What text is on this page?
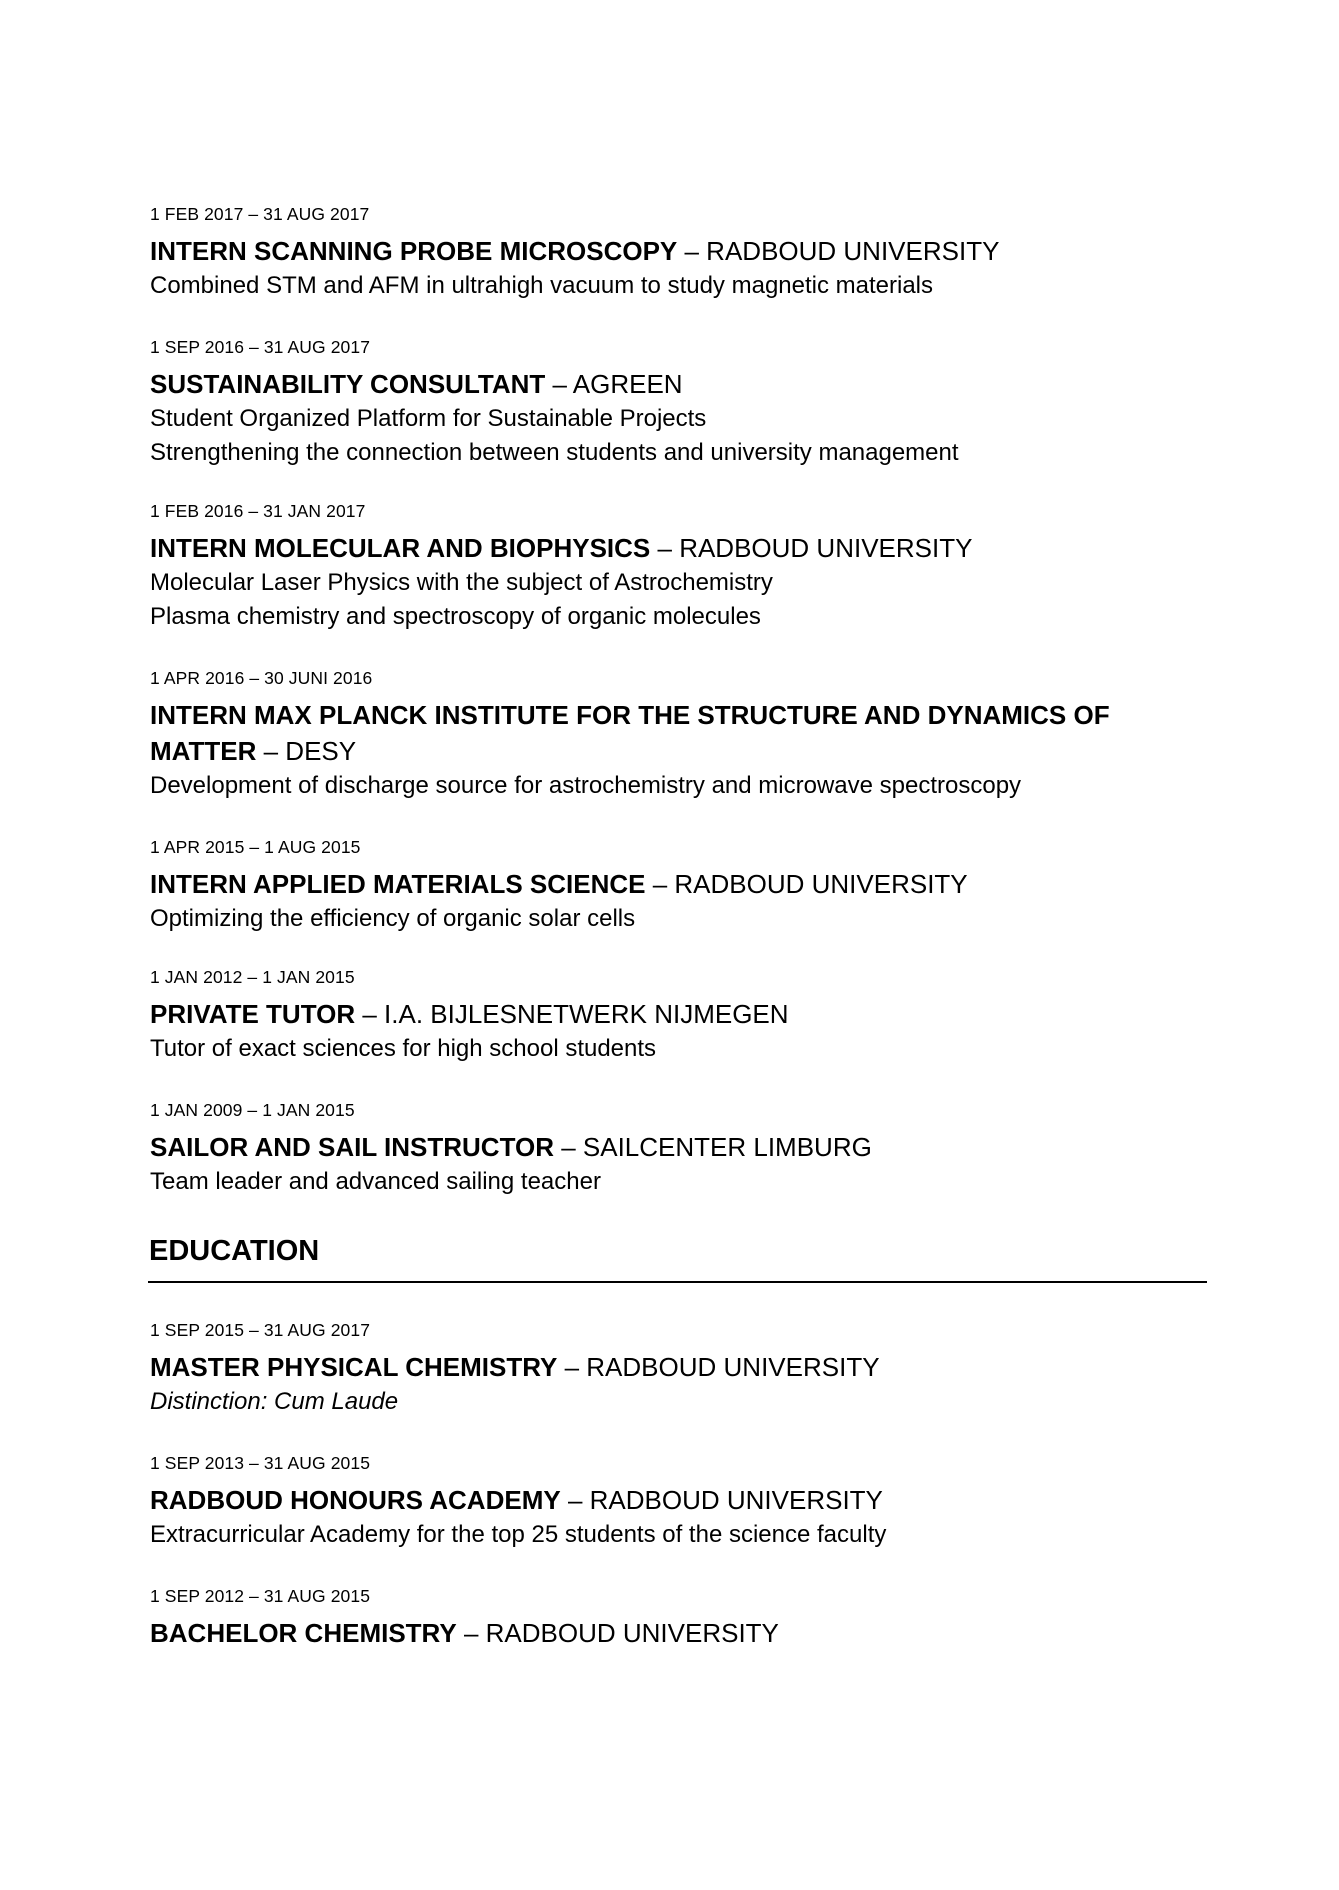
1 FEB 2017 – 31 AUG 2017
INTERN SCANNING PROBE MICROSCOPY – RADBOUD UNIVERSITY
Combined STM and AFM in ultrahigh vacuum to study magnetic materials
1 SEP 2016 – 31 AUG 2017
SUSTAINABILITY CONSULTANT – AGREEN
Student Organized Platform for Sustainable Projects
Strengthening the connection between students and university management
1 FEB 2016 – 31 JAN 2017
INTERN MOLECULAR AND BIOPHYSICS – RADBOUD UNIVERSITY
Molecular Laser Physics with the subject of Astrochemistry
Plasma chemistry and spectroscopy of organic molecules
1 APR 2016 – 30 JUNI 2016
INTERN MAX PLANCK INSTITUTE FOR THE STRUCTURE AND DYNAMICS OF MATTER – DESY
Development of discharge source for astrochemistry and microwave spectroscopy
1 APR 2015 – 1 AUG 2015
INTERN APPLIED MATERIALS SCIENCE – RADBOUD UNIVERSITY
Optimizing the efficiency of organic solar cells
1 JAN 2012 – 1 JAN 2015
PRIVATE TUTOR – I.A. BIJLESNETWERK NIJMEGEN
Tutor of exact sciences for high school students
1 JAN 2009 – 1 JAN 2015
SAILOR AND SAIL INSTRUCTOR – SAILCENTER LIMBURG
Team leader and advanced sailing teacher
EDUCATION
1 SEP 2015 – 31 AUG 2017
MASTER PHYSICAL CHEMISTRY – RADBOUD UNIVERSITY
Distinction: Cum Laude
1 SEP 2013 – 31 AUG 2015
RADBOUD HONOURS ACADEMY – RADBOUD UNIVERSITY
Extracurricular Academy for the top 25 students of the science faculty
1 SEP 2012 – 31 AUG 2015
BACHELOR CHEMISTRY – RADBOUD UNIVERSITY
